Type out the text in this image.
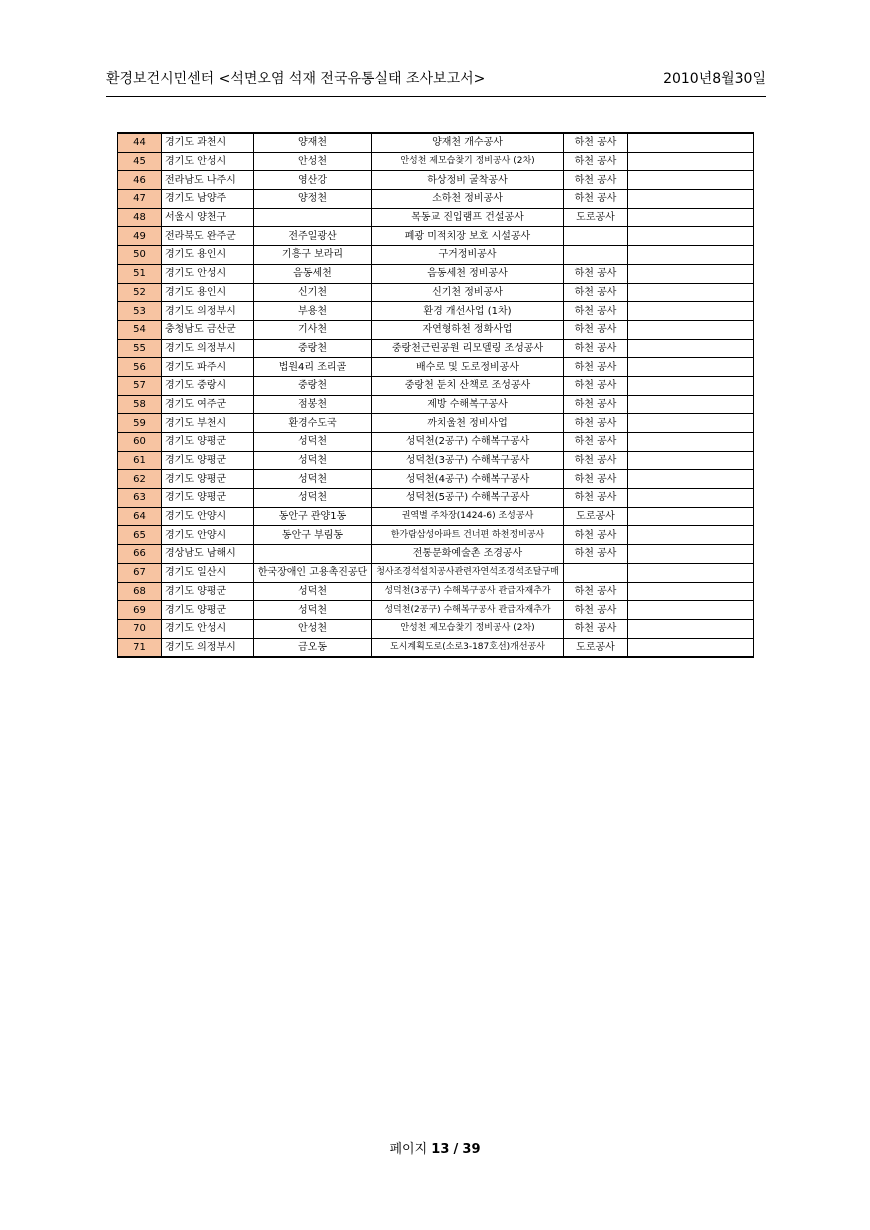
환경보건시민센터 <석면오염 석재 전국유통실태 조사보고서>	2010년8월30일
44	경기도 과천시	양재천	양재천 개수공사	하천 공사	
45	경기도 안성시	안성천	안성천 제모습찾기 정비공사 (2차)	하천 공사	
46	전라남도 나주시	영산강	하상정비 굴착공사	하천 공사	
47	경기도 남양주	양정천	소하천 정비공사	하천 공사	
48	서울시 양천구		목동교 진입램프 건설공사	도로공사	
49	전라북도 완주군	전주일광산	폐광 미적치장 보호 시설공사		
50	경기도 용인시	기흥구 보라리	구거정비공사		
51	경기도 안성시	음동세천	음동세천 정비공사	하천 공사	
52	경기도 용인시	신기천	신기천 정비공사	하천 공사	
53	경기도 의정부시	부용천	환경 개선사업 (1차)	하천 공사	
54	충청남도 금산군	기사천	자연형하천 정화사업	하천 공사	
55	경기도 의정부시	중랑천	중랑천근린공원 리모델링 조성공사	하천 공사	
56	경기도 파주시	법원4리 조리골	배수로 및 도로정비공사	하천 공사	
57	경기도 중랑시	중랑천	중랑천 둔치 산책로 조성공사	하천 공사	
58	경기도 여주군	점봉천	제방 수해복구공사	하천 공사	
59	경기도 부천시	환경수도국	까치울천 정비사업	하천 공사	
60	경기도 양평군	성덕천	성덕천(2공구) 수해복구공사	하천 공사	
61	경기도 양평군	성덕천	성덕천(3공구) 수해복구공사	하천 공사	
62	경기도 양평군	성덕천	성덕천(4공구) 수해복구공사	하천 공사	
63	경기도 양평군	성덕천	성덕천(5공구) 수해복구공사	하천 공사	
64	경기도 안양시	동안구 관양1동	권역별 주차장(1424-6) 조성공사	도로공사	
65	경기도 안양시	동안구 부림동	한가람삼성아파트 건너편 하천정비공사	하천 공사	
66	경상남도 남해시		전통문화예술촌 조경공사	하천 공사	
67	경기도 일산시	한국장애인 고용촉진공단	청사조경석설치공사관련자연석조경석조달구매		
68	경기도 양평군	성덕천	성덕천(3공구) 수해복구공사 관급자재추가	하천 공사	
69	경기도 양평군	성덕천	성덕천(2공구) 수해복구공사 관급자재추가	하천 공사	
70	경기도 안성시	안성천	안성천 제모습찾기 정비공사 (2차)	하천 공사	
71	경기도 의정부시	금오동	도시계획도로(소로3-187호선)개선공사	도로공사	
페이지 13 / 39
